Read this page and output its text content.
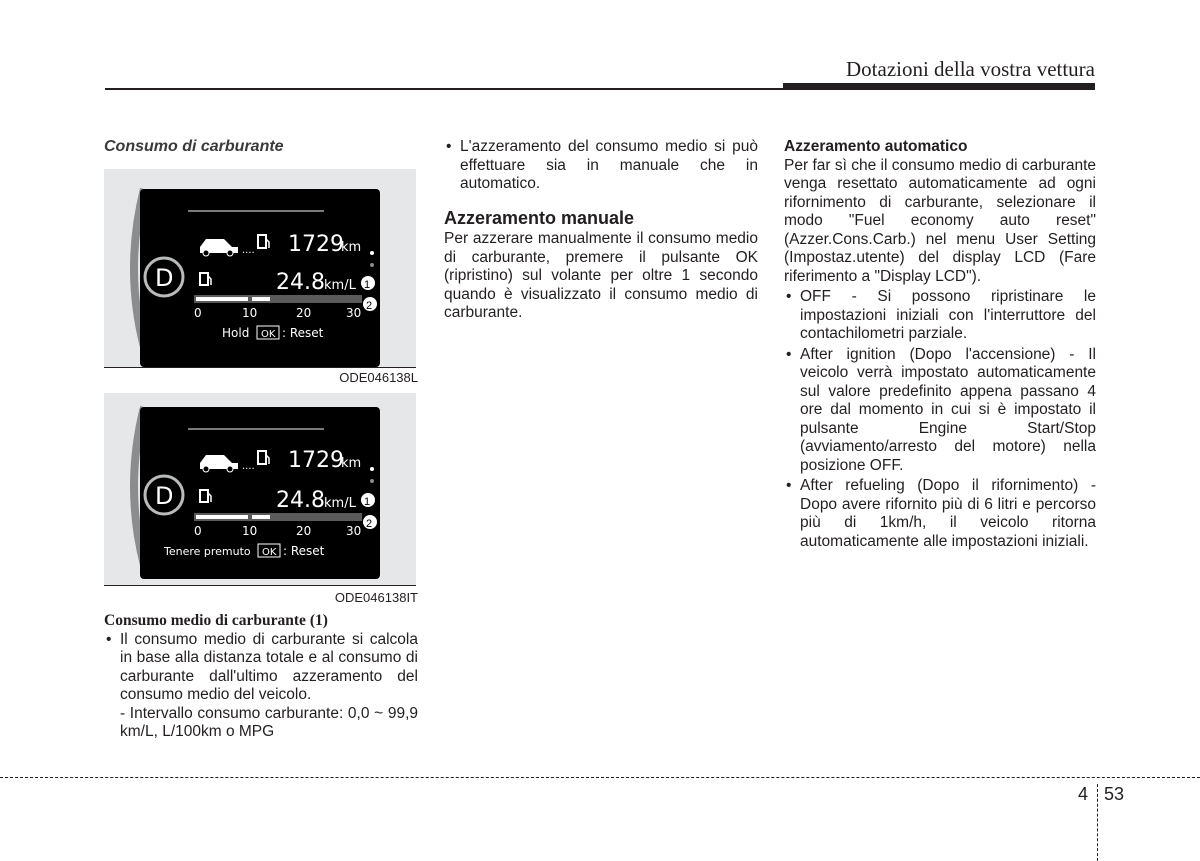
Dotazioni della vostra vettura

Consumo di carburante

.... 1729
km
D	24.8 km/L 1
2
0	10	20	30
Hold OK : Reset
ODE046138L
.... 1729
km
D	24.8 km/L 1
2
0	10	20	30
Tenere premuto OK : Reset
ODE046138IT

Consumo medio di carburante (1)

• Il consumo medio di carburante si calcola in base alla distanza totale e al consumo di carburante dall'ultimo azzeramento del consumo medio del veicolo.
- Intervallo consumo carburante: 0,0 ~ 99,9 km/L, L/100km o MPG
• L'azzeramento del consumo medio si può effettuare sia in manuale che in automatico.

Azzeramento manuale

Per azzerare manualmente il consumo medio di carburante, premere il pulsante OK (ripristino) sul volante per oltre 1 secondo quando è visualizzato il consumo medio di carburante.

Azzeramento automatico

Per far sì che il consumo medio di carburante venga resettato automaticamente ad ogni rifornimento di carburante, selezionare il modo "Fuel economy auto reset" (Azzer.Cons.Carb.) nel menu User Setting (Impostaz.utente) del display LCD (Fare riferimento a "Display LCD").
• OFF - Si possono ripristinare le impostazioni iniziali con l'interruttore del contachilometri parziale.
• After ignition (Dopo l'accensione) - Il veicolo verrà impostato automaticamente sul valore predefinito appena passano 4 ore dal momento in cui si è impostato il pulsante Engine Start/Stop (avviamento/arresto del motore) nella posizione OFF.
• After refueling (Dopo il rifornimento) - Dopo avere rifornito più di 6 litri e percorso più di 1km/h, il veicolo ritorna automaticamente alle impostazioni iniziali.
4 53
